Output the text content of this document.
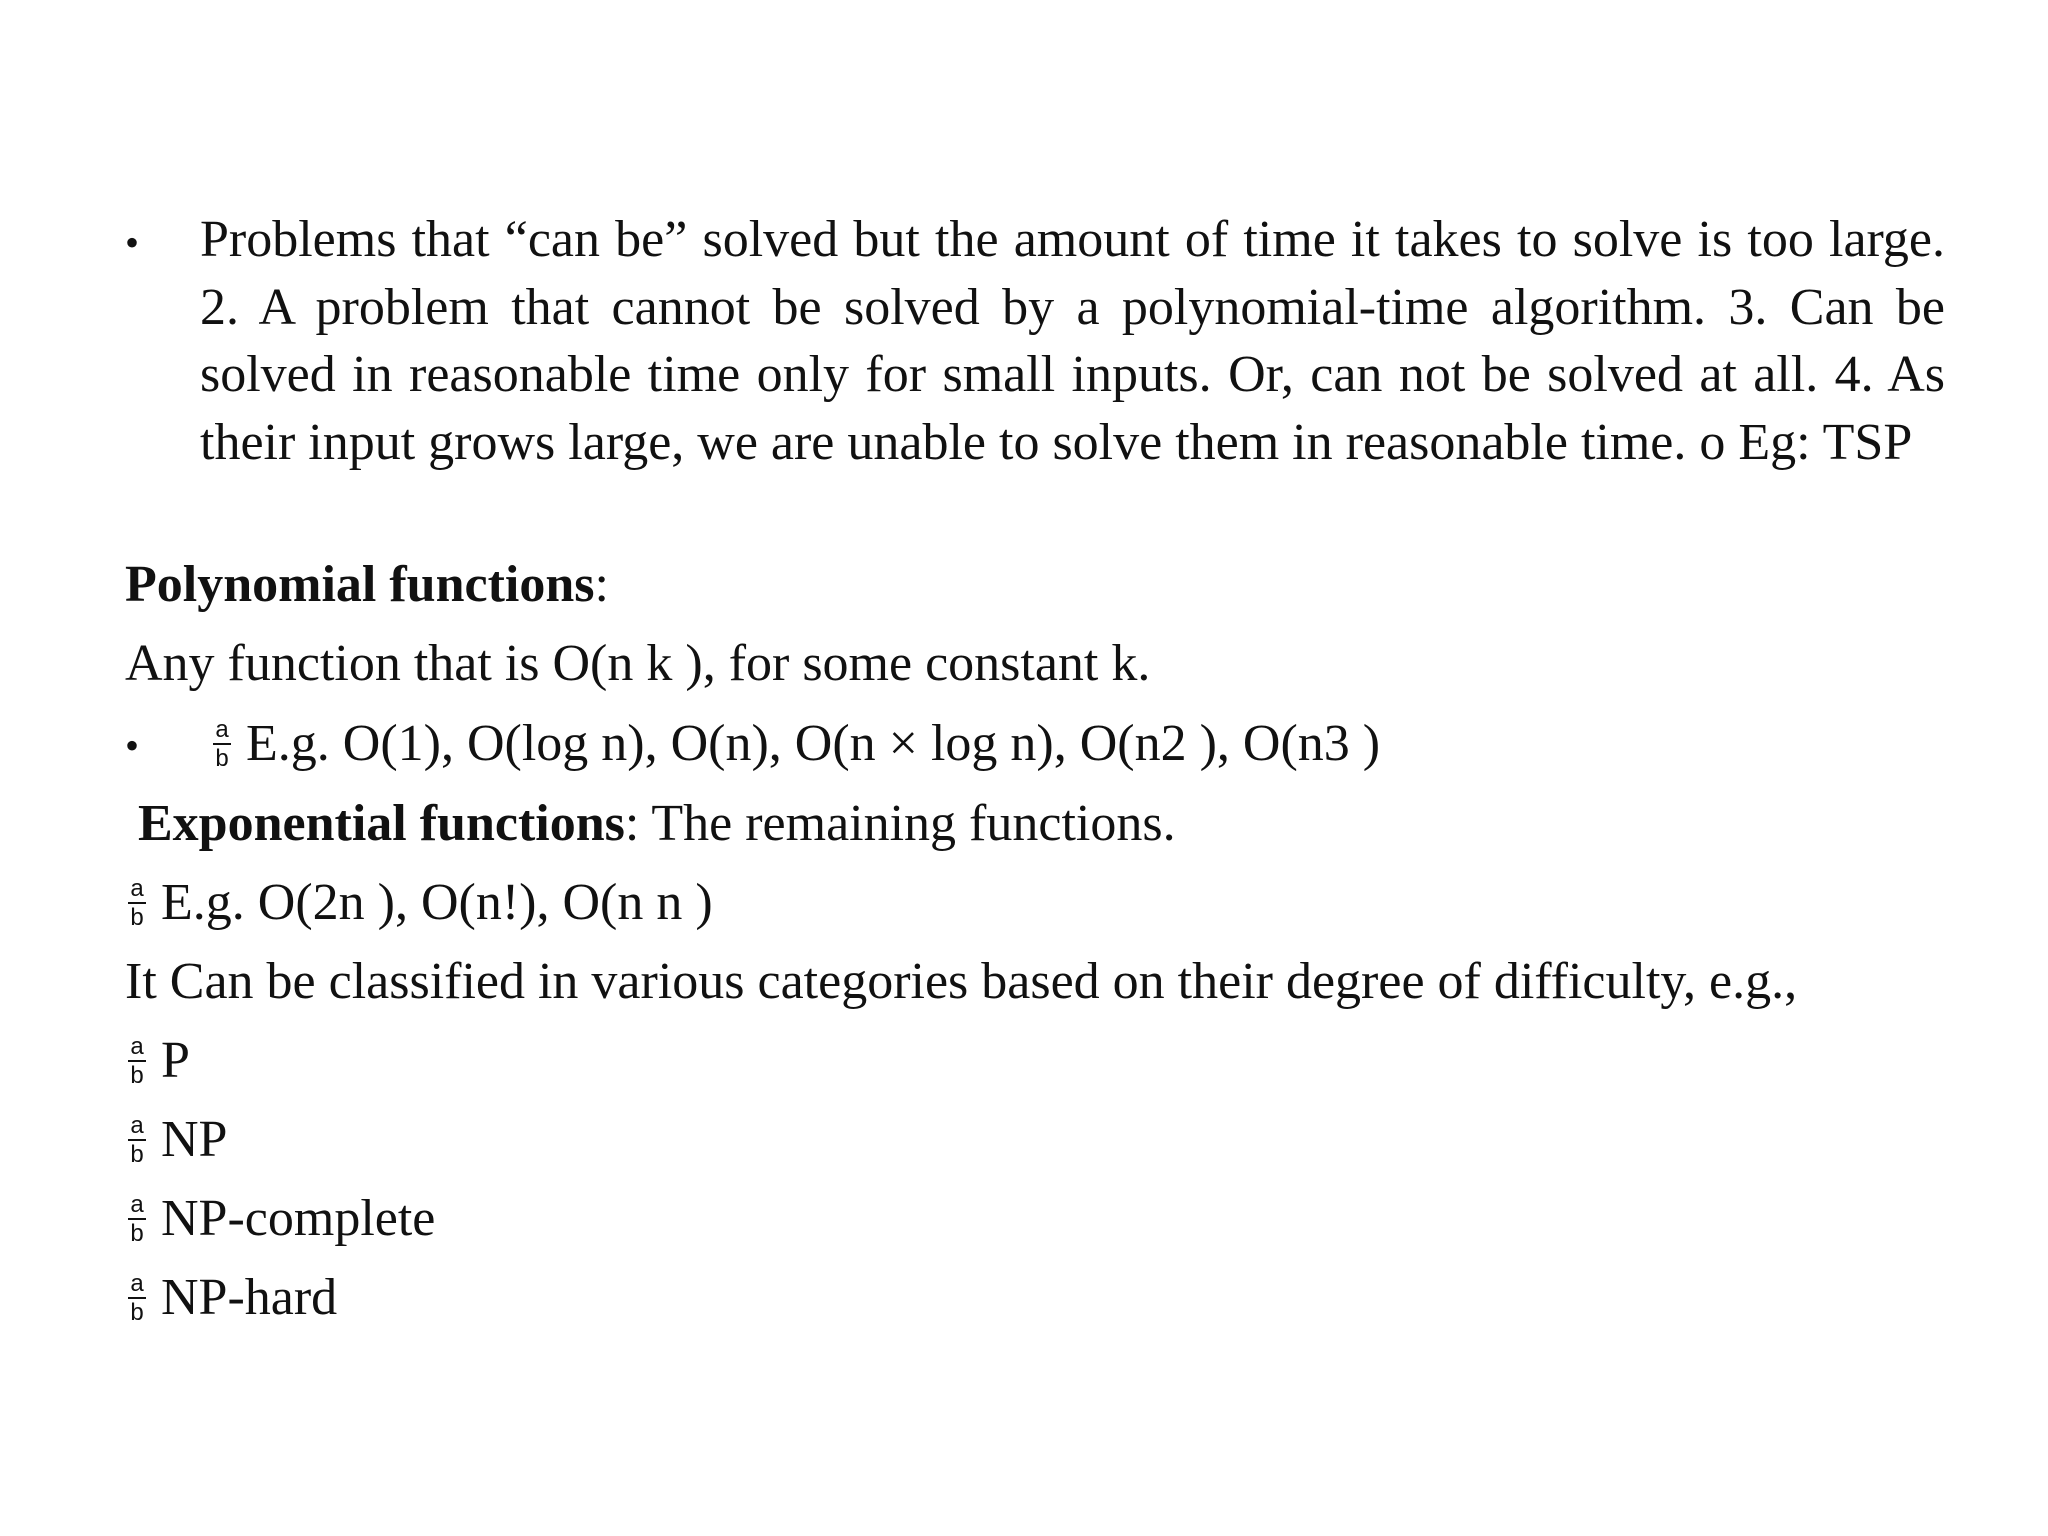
• Problems that “can be” solved but the amount of time it takes to solve is too large. 2. A problem that cannot be solved by a polynomial-time algorithm. 3. Can be solved in reasonable time only for small inputs. Or, can not be solved at all. 4. As their input grows large, we are unable to solve them in reasonable time. o Eg: TSP
Polynomial functions:
Any function that is O(n k ), for some constant k.
•	$\frac{a}{b} E.g$. O(1), O(log n), O(n), O(n × log n), O(n2 ), O(n3 )
Exponential functions: The remaining functions.
$\frac{a}{b} E.g$. O(2n ), O(n!), O(n n )
It Can be classified in various categories based on their degree of difficulty, e.g.,
$\frac{a}{b}$ P
$\frac{a}{b}$ NP
$\frac{a}{b}$ NP-complete
$\frac{a}{b}$ NP-hard
